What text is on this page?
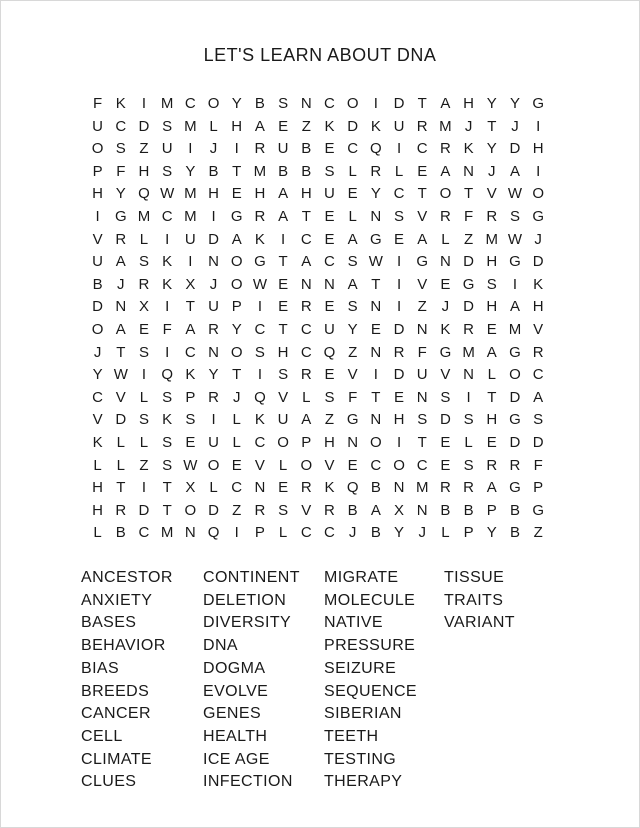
LET'S LEARN ABOUT DNA
F K	I M C O Y B S N C O	I	D T A H Y Y G
U C D S M L H A E Z K D K U R M J T J	I
O S Z U	I	J	I	R U B E C Q	I	C R K Y D H
P F H S Y B T M B B S L R L E A N J A	I
H Y Q W M H E H A H U E Y C T O T V W O
I	G M C M I	G R A T E L N S V R F R S G
V R L	I	U D A K	I	C E A G E A L Z M W J
U A S K	I	N O G T A C S W I	G N D H G D
B J R K X J O W E N N A T	I	V E G S	I	K
D N X	I	T U P	I	E R E S N	I	Z J D H A H
O A E F A R Y C T C U Y E D N K R E M V
J T S	I	C N O S H C Q Z N R F G M A G R
Y W I	Q K Y T	I	S R E V	I	D U V N L O C
C V L S P R J Q V L S F T E N S	I	T D A
V D S K S	I	L K U A Z G N H S D S H G S
K L L S E U L C O P H N O	I	T E L E D D
L L Z S W O E V L O V E C O C E S R R F
H T	I	T X L C N E R K Q B N M R R A G P
H R D T O D Z R S V R B A X N B B P B G
L B C M N Q	I	P L C C J B Y J	L P Y B Z
ANCESTOR
ANXIETY
BASES
BEHAVIOR
BIAS
BREEDS
CANCER
CELL
CLIMATE
CLUES
CONTINENT
DELETION
DIVERSITY
DNA
DOGMA
EVOLVE
GENES
HEALTH
ICE AGE
INFECTION
MIGRATE
MOLECULE
NATIVE
PRESSURE
SEIZURE
SEQUENCE
SIBERIAN
TEETH
TESTING
THERAPY
TISSUE
TRAITS
VARIANT
